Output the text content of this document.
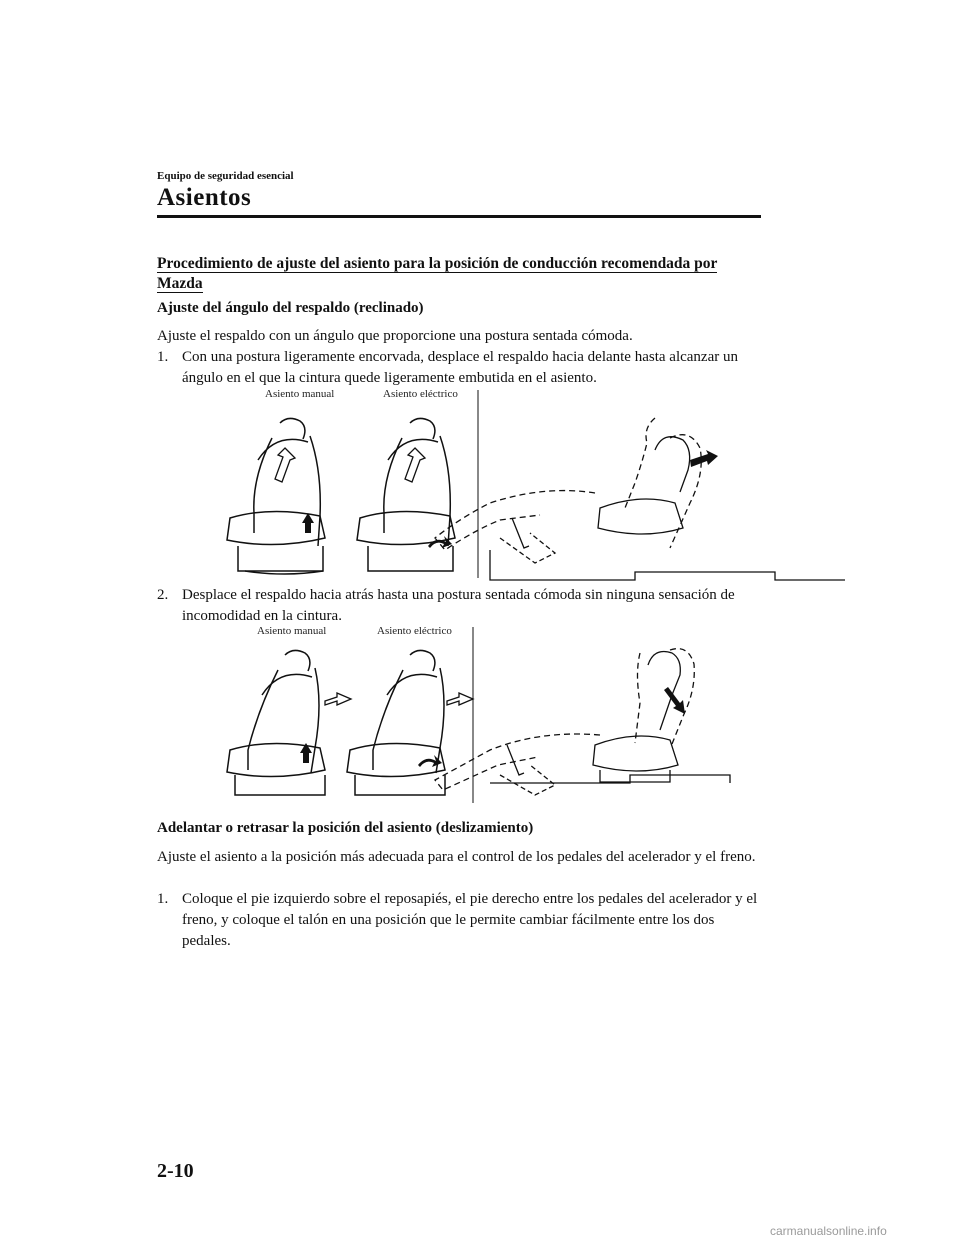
Equipo de seguridad esencial
Asientos
Procedimiento de ajuste del asiento para la posición de conducción recomendada por Mazda
Ajuste del ángulo del respaldo (reclinado)
Ajuste el respaldo con un ángulo que proporcione una postura sentada cómoda.
1. Con una postura ligeramente encorvada, desplace el respaldo hacia delante hasta alcanzar un ángulo en el que la cintura quede ligeramente embutida en el asiento.
Asiento manual	Asiento eléctrico
2. Desplace el respaldo hacia atrás hasta una postura sentada cómoda sin ninguna sensación de incomodidad en la cintura.
Asiento manual	Asiento eléctrico
Adelantar o retrasar la posición del asiento (deslizamiento)
Ajuste el asiento a la posición más adecuada para el control de los pedales del acelerador y el freno.
1. Coloque el pie izquierdo sobre el reposapiés, el pie derecho entre los pedales del acelerador y el freno, y coloque el talón en una posición que le permite cambiar fácilmente entre los dos pedales.
2-10
carmanualsonline.info
